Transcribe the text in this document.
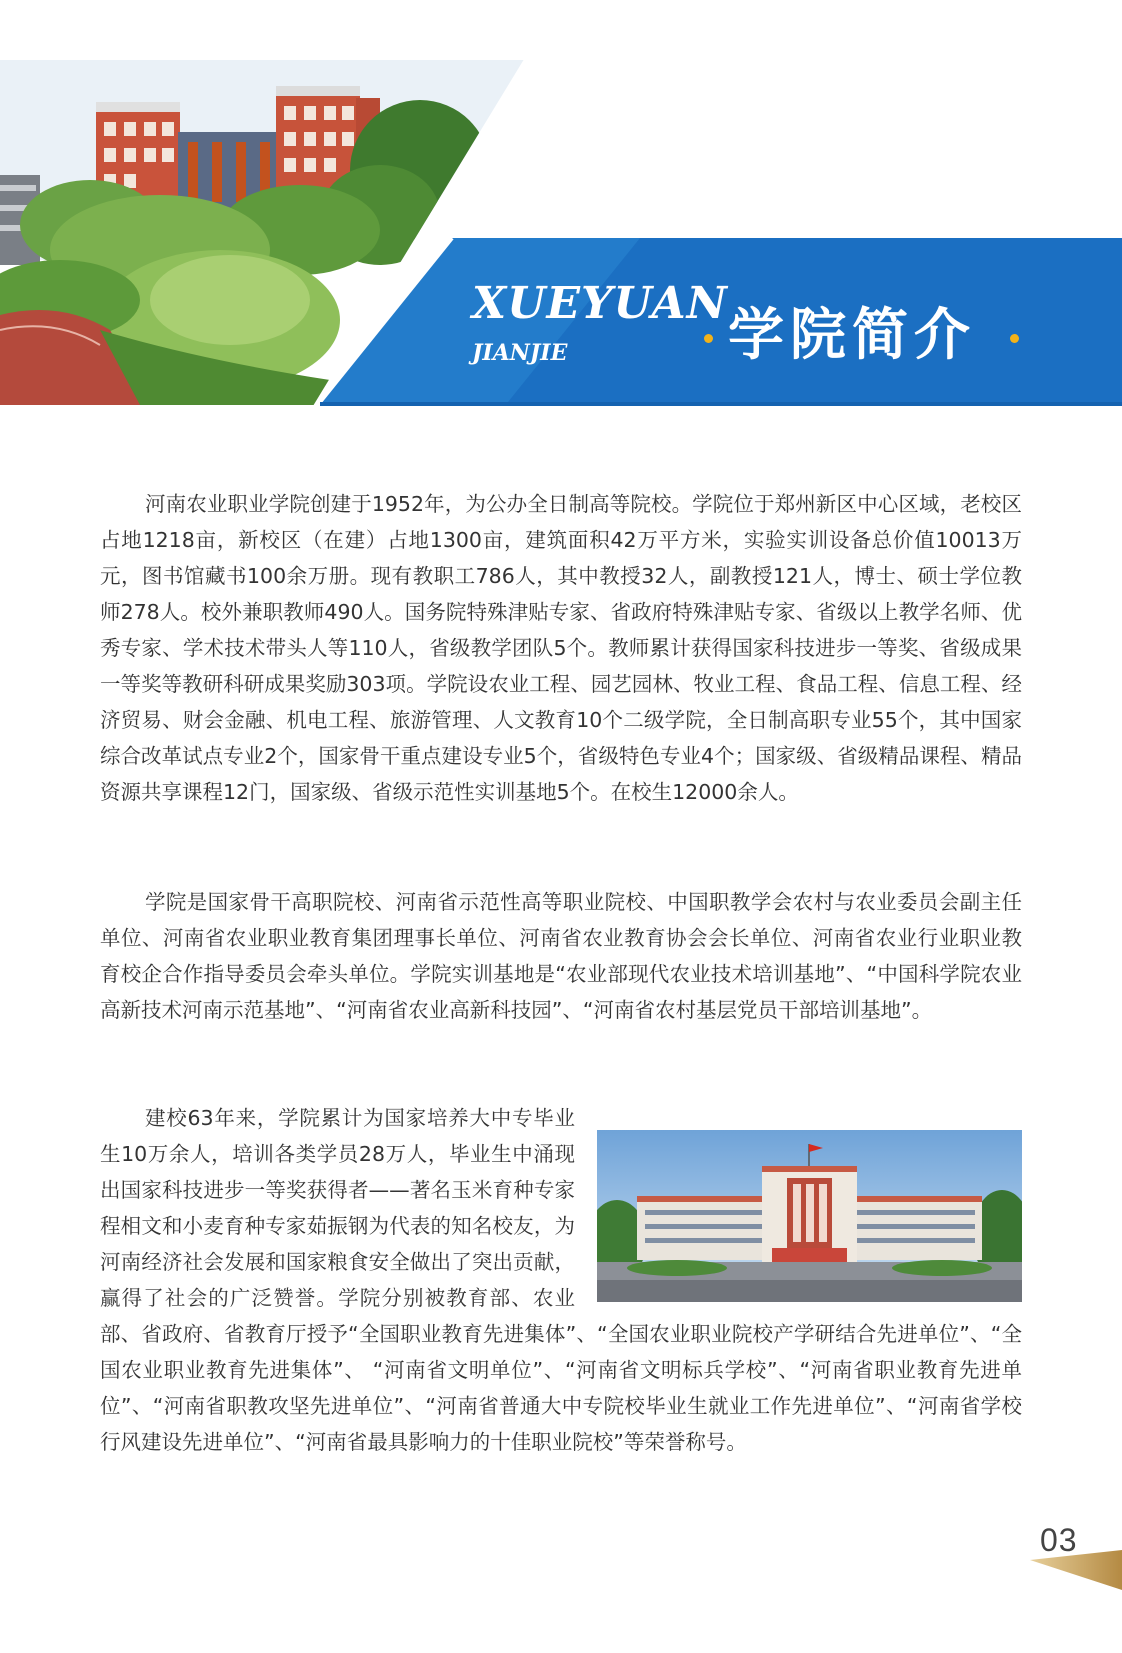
XUEYUAN
JIANJIE	学院简介

河南农业职业学院创建于1952年，为公办全日制高等院校。学院位于郑州新区中心区域，老校区占地1218亩，新校区（在建）占地1300亩，建筑面积42万平方米，实验实训设备总价值10013万元，图书馆藏书100余万册。现有教职工786人，其中教授32人，副教授121人，博士、硕士学位教师278人。校外兼职教师490人。国务院特殊津贴专家、省政府特殊津贴专家、省级以上教学名师、优秀专家、学术技术带头人等110人，省级教学团队5个。教师累计获得国家科技进步一等奖、省级成果一等奖等教研科研成果奖励303项。学院设农业工程、园艺园林、牧业工程、食品工程、信息工程、经济贸易、财会金融、机电工程、旅游管理、人文教育10个二级学院，全日制高职专业55个，其中国家综合改革试点专业2个，国家骨干重点建设专业5个，省级特色专业4个；国家级、省级精品课程、精品资源共享课程12门，国家级、省级示范性实训基地5个。在校生12000余人。

学院是国家骨干高职院校、河南省示范性高等职业院校、中国职教学会农村与农业委员会副主任单位、河南省农业职业教育集团理事长单位、河南省农业教育协会会长单位、河南省农业行业职业教育校企合作指导委员会牵头单位。学院实训基地是“农业部现代农业技术培训基地”、“中国科学院农业高新技术河南示范基地”、“河南省农业高新科技园”、“河南省农村基层党员干部培训基地”。

建校63年来，学院累计为国家培养大中专毕业生10万余人，培训各类学员28万人，毕业生中涌现出国家科技进步一等奖获得者——著名玉米育种专家程相文和小麦育种专家茹振钢为代表的知名校友，为河南经济社会发展和国家粮食安全做出了突出贡献，赢得了社会的广泛赞誉。学院分别被教育部、农业部、省政府、省教育厅授予“全国职业教育先进集体”、“全国农业职业院校产学研结合先进单位”、“全国农业职业教育先进集体”、 “河南省文明单位”、“河南省文明标兵学校”、“河南省职业教育先进单位”、“河南省职教攻坚先进单位”、“河南省普通大中专院校毕业生就业工作先进单位”、“河南省学校行风建设先进单位”、“河南省最具影响力的十佳职业院校”等荣誉称号。

03
